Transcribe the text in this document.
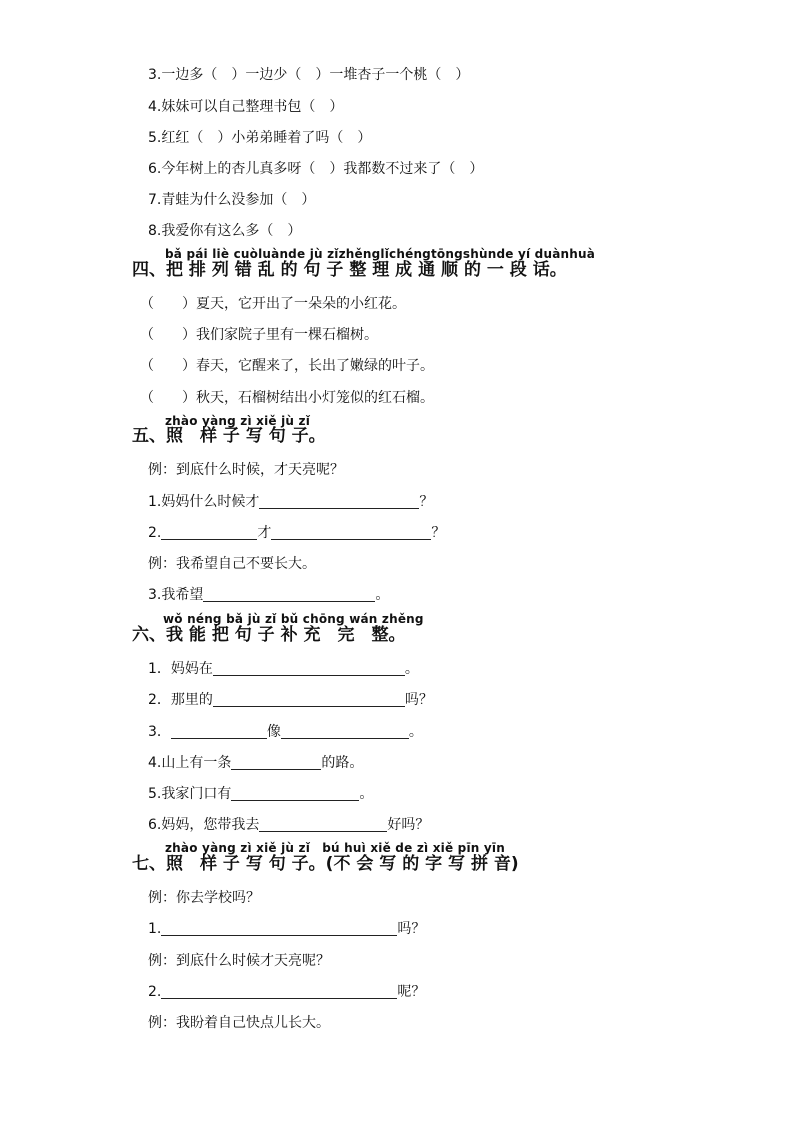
3.一边多（　）一边少（　）一堆杏子一个桃（　）
4.妹妹可以自己整理书包（　）
5.红红（　）小弟弟睡着了吗（　）
6.今年树上的杏儿真多呀（　）我都数不过来了（　）
7.青蛙为什么没参加（　）
8.我爱你有这么多（　）
bǎ pái liè cuòluànde jù zǐzhěnglǐchéngtōngshùnde yí duànhuà
四、把 排 列 错 乱 的 句 子 整 理 成 通 顺 的 一 段 话。
（　　）夏天，它开出了一朵朵的小红花。
（　　）我们家院子里有一棵石榴树。
（　　）春天，它醒来了，长出了嫩绿的叶子。
（　　）秋天，石榴树结出小灯笼似的红石榴。
zhào yàng zì xiě jù zǐ
五、照　样 子 写 句 子。
例：到底什么时候，才天亮呢？
1.妈妈什么时候才	？
2.	才	？
例：我希望自己不要长大。
3.我希望	。
wǒ néng bǎ jù zǐ bǔ chōng wán zhěng
六、我 能 把 句 子 补 充　完　整。
1．妈妈在	。
2．那里的	吗？
3．	像	。
4.山上有一条	的路。
5.我家门口有	。
6.妈妈，您带我去	好吗？
zhào yàng zì xiě jù zǐ　bú huì xiě de zì xiě pīn yīn
七、照　样 子 写 句 子。(不 会 写 的 字 写 拼 音)
例：你去学校吗？
1.	吗？
例：到底什么时候才天亮呢？
2.	呢？
例：我盼着自己快点儿长大。
